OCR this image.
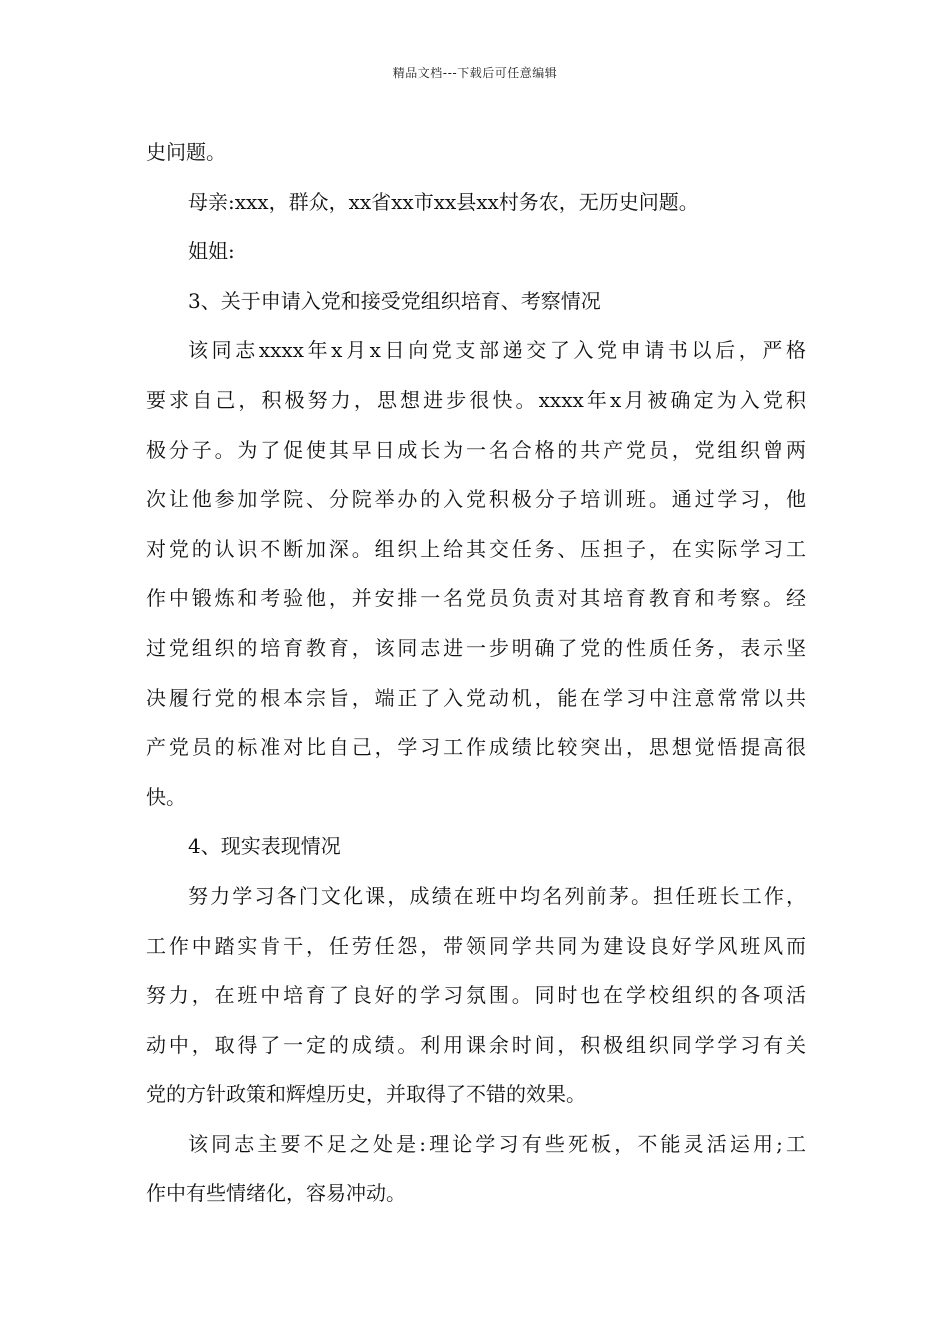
精品文档---下载后可任意编辑
史问题。
母亲:xxx，群众，xx省xx市xx县xx村务农，无历史问题。
姐姐:
3、关于申请入党和接受党组织培育、考察情况
该同志xxxx年x月x日向党支部递交了入党申请书以后，严格
要求自己，积极努力，思想进步很快。xxxx年x月被确定为入党积
极分子。为了促使其早日成长为一名合格的共产党员，党组织曾两
次让他参加学院、分院举办的入党积极分子培训班。通过学习，他
对党的认识不断加深。组织上给其交任务、压担子，在实际学习工
作中锻炼和考验他，并安排一名党员负责对其培育教育和考察。经
过党组织的培育教育，该同志进一步明确了党的性质任务，表示坚
决履行党的根本宗旨，端正了入党动机，能在学习中注意常常以共
产党员的标准对比自己，学习工作成绩比较突出，思想觉悟提高很
快。
4、现实表现情况
努力学习各门文化课，成绩在班中均名列前茅。担任班长工作，
工作中踏实肯干，任劳任怨，带领同学共同为建设良好学风班风而
努力，在班中培育了良好的学习氛围。同时也在学校组织的各项活
动中，取得了一定的成绩。利用课余时间，积极组织同学学习有关
党的方针政策和辉煌历史，并取得了不错的效果。
该同志主要不足之处是:理论学习有些死板，不能灵活运用;工
作中有些情绪化，容易冲动。
